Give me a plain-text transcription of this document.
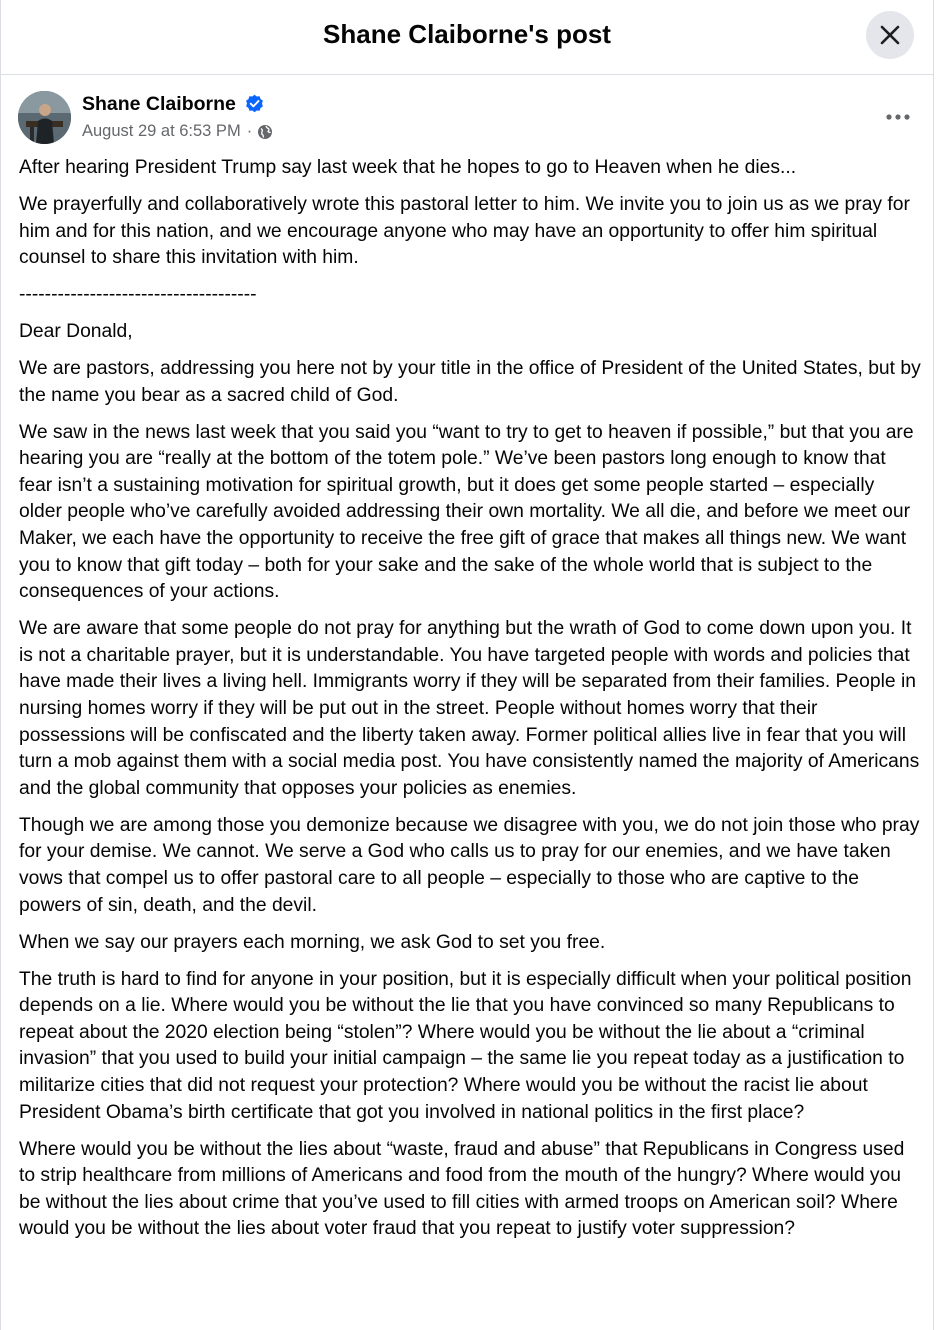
Shane Claiborne's post
Shane Claiborne
August 29 at 6:53 PM ·

After hearing President Trump say last week that he hopes to go to Heaven when he dies...

We prayerfully and collaboratively wrote this pastoral letter to him. We invite you to join us as we pray for him and for this nation, and we encourage anyone who may have an opportunity to offer him spiritual counsel to share this invitation with him.

-------------------------------------

Dear Donald,

We are pastors, addressing you here not by your title in the office of President of the United States, but by the name you bear as a sacred child of God.

We saw in the news last week that you said you “want to try to get to heaven if possible,” but that you are hearing you are “really at the bottom of the totem pole.” We’ve been pastors long enough to know that fear isn’t a sustaining motivation for spiritual growth, but it does get some people started – especially older people who’ve carefully avoided addressing their own mortality. We all die, and before we meet our Maker, we each have the opportunity to receive the free gift of grace that makes all things new. We want you to know that gift today – both for your sake and the sake of the whole world that is subject to the consequences of your actions.

We are aware that some people do not pray for anything but the wrath of God to come down upon you. It is not a charitable prayer, but it is understandable. You have targeted people with words and policies that have made their lives a living hell. Immigrants worry if they will be separated from their families. People in nursing homes worry if they will be put out in the street. People without homes worry that their possessions will be confiscated and the liberty taken away. Former political allies live in fear that you will turn a mob against them with a social media post. You have consistently named the majority of Americans and the global community that opposes your policies as enemies.

Though we are among those you demonize because we disagree with you, we do not join those who pray for your demise. We cannot. We serve a God who calls us to pray for our enemies, and we have taken vows that compel us to offer pastoral care to all people – especially to those who are captive to the powers of sin, death, and the devil.

When we say our prayers each morning, we ask God to set you free.

The truth is hard to find for anyone in your position, but it is especially difficult when your political position depends on a lie. Where would you be without the lie that you have convinced so many Republicans to repeat about the 2020 election being “stolen”? Where would you be without the lie about a “criminal invasion” that you used to build your initial campaign – the same lie you repeat today as a justification to militarize cities that did not request your protection? Where would you be without the racist lie about President Obama’s birth certificate that got you involved in national politics in the first place?

Where would you be without the lies about “waste, fraud and abuse” that Republicans in Congress used to strip healthcare from millions of Americans and food from the mouth of the hungry? Where would you be without the lies about crime that you’ve used to fill cities with armed troops on American soil? Where would you be without the lies about voter fraud that you repeat to justify voter suppression?
